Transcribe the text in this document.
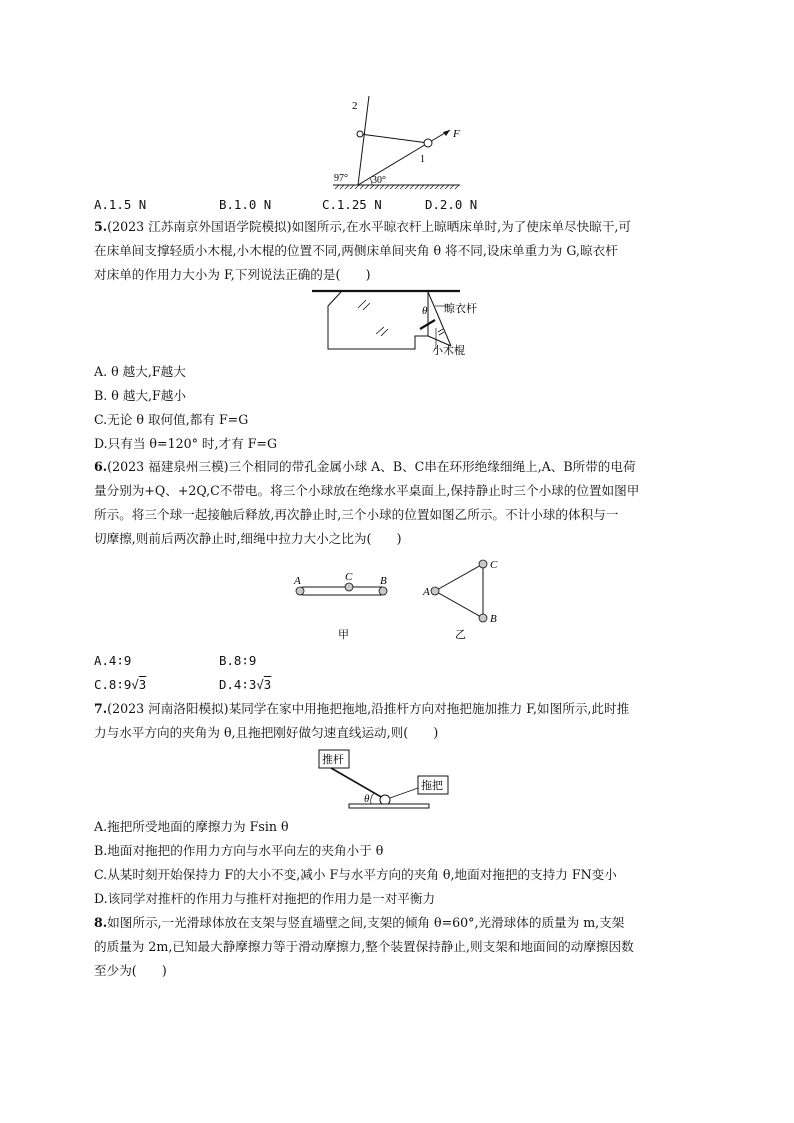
2
1
F
97° 30°
A.1.5 N	B.1.0 N	C.1.25 N	D.2.0 N
5.(2023 江苏南京外国语学院模拟)如图所示,在水平晾衣杆上晾晒床单时,为了使床单尽快晾干,可
在床单间支撑轻质小木棍,小木棍的位置不同,两侧床单间夹角 θ 将不同,设床单重力为 G,晾衣杆
对床单的作用力大小为 F,下列说法正确的是(　　)
θ 晾衣杆
小木棍
A. θ 越大,F越大
B. θ 越大,F越小
C.无论 θ 取何值,都有 F=G
D.只有当 θ=120° 时,才有 F=G
6.(2023 福建泉州三模)三个相同的带孔金属小球 A、B、C串在环形绝缘细绳上,A、B所带的电荷
量分别为+Q、+2Q,C不带电。将三个小球放在绝缘水平桌面上,保持静止时三个小球的位置如图甲
所示。将三个球一起接触后释放,再次静止时,三个小球的位置如图乙所示。不计小球的体积与一
切摩擦,则前后两次静止时,细绳中拉力大小之比为(　　)
A	C	B
甲
A
C
B
乙
A.4∶9	B.8∶9
C.8∶9√3	D.4∶3√3
7.(2023 河南洛阳模拟)某同学在家中用拖把拖地,沿推杆方向对拖把施加推力 F,如图所示,此时推
力与水平方向的夹角为 θ,且拖把刚好做匀速直线运动,则(　　)
推杆
拖把
θ
A.拖把所受地面的摩擦力为 Fsin θ
B.地面对拖把的作用力方向与水平向左的夹角小于 θ
C.从某时刻开始保持力 F的大小不变,减小 F与水平方向的夹角 θ,地面对拖把的支持力 FN变小
D.该同学对推杆的作用力与推杆对拖把的作用力是一对平衡力
8.如图所示,一光滑球体放在支架与竖直墙壁之间,支架的倾角 θ=60°,光滑球体的质量为 m,支架
的质量为 2m,已知最大静摩擦力等于滑动摩擦力,整个装置保持静止,则支架和地面间的动摩擦因数
至少为(　　)
